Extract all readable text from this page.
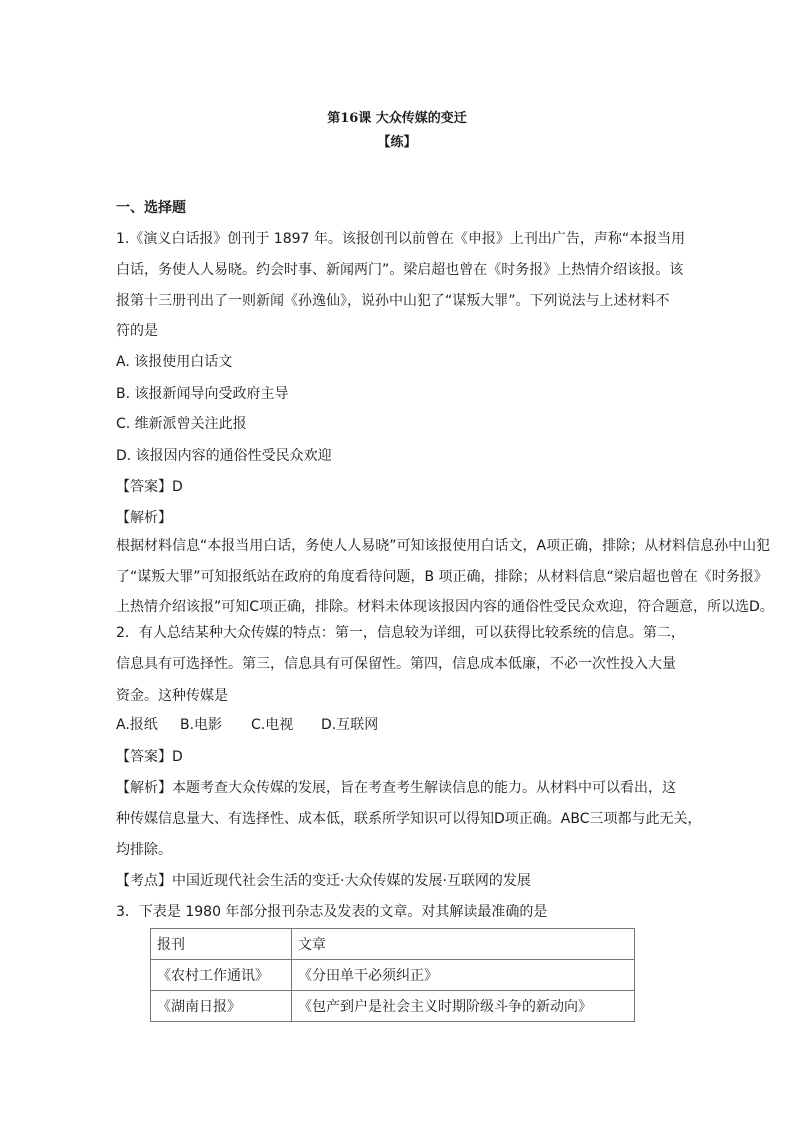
第16课 大众传媒的变迁
【练】
一、选择题
1.《演义白话报》创刊于 1897 年。该报创刊以前曾在《申报》上刊出广告，声称“本报当用
白话，务使人人易晓。约会时事、新闻两门”。梁启超也曾在《时务报》上热情介绍该报。该
报第十三册刊出了一则新闻《孙逸仙》，说孙中山犯了“谋叛大罪”。下列说法与上述材料不
符的是
A. 该报使用白话文
B. 该报新闻导向受政府主导
C. 维新派曾关注此报
D. 该报因内容的通俗性受民众欢迎
【答案】D
【解析】
根据材料信息“本报当用白话，务使人人易晓”可知该报使用白话文，A项正确，排除；从材料信息孙中山犯
了“谋叛大罪”可知报纸站在政府的角度看待问题，B 项正确，排除；从材料信息“梁启超也曾在《时务报》
上热情介绍该报”可知C项正确，排除。材料未体现该报因内容的通俗性受民众欢迎，符合题意，所以选D。
2．有人总结某种大众传媒的特点：第一，信息较为详细，可以获得比较系统的信息。第二，
信息具有可选择性。第三，信息具有可保留性。第四，信息成本低廉，不必一次性投入大量
资金。这种传媒是
A.报纸 B.电影 C.电视 D.互联网
【答案】D
【解析】本题考查大众传媒的发展，旨在考查考生解读信息的能力。从材料中可以看出，这
种传媒信息量大、有选择性、成本低，联系所学知识可以得知D项正确。ABC三项都与此无关，
均排除。
【考点】中国近现代社会生活的变迁·大众传媒的发展·互联网的发展
3．下表是 1980 年部分报刊杂志及发表的文章。对其解读最准确的是
报刊	文章
《农村工作通讯》	《分田单干必须纠正》
《湖南日报》	《包产到户是社会主义时期阶级斗争的新动向》
